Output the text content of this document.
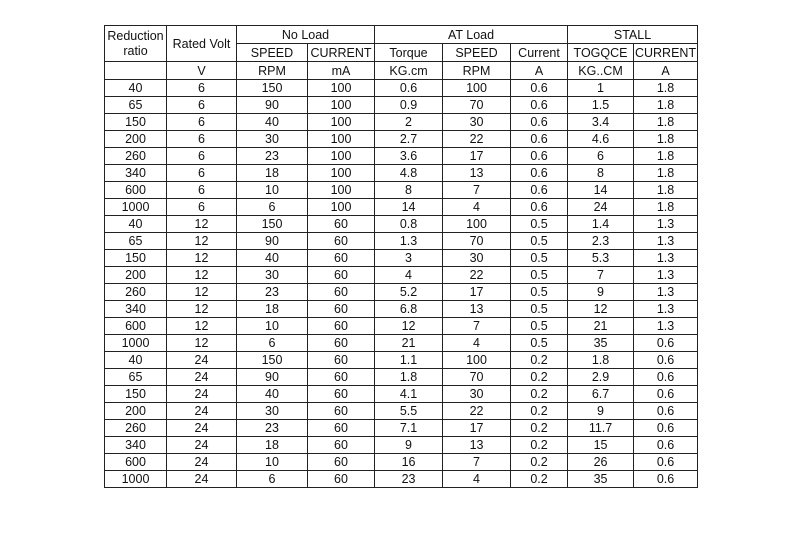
Reduction
ratio	Rated Volt	No Load		AT Load			STALL	
		SPEED	CURRENT	Torque	SPEED	Current	TOGQCE	CURRENT
	V	RPM	mA	KG.cm	RPM	A	KG..CM	A
40	6	150	100	0.6	100	0.6	1	1.8
65	6	90	100	0.9	70	0.6	1.5	1.8
150	6	40	100	2	30	0.6	3.4	1.8
200	6	30	100	2.7	22	0.6	4.6	1.8
260	6	23	100	3.6	17	0.6	6	1.8
340	6	18	100	4.8	13	0.6	8	1.8
600	6	10	100	8	7	0.6	14	1.8
1000	6	6	100	14	4	0.6	24	1.8
40	12	150	60	0.8	100	0.5	1.4	1.3
65	12	90	60	1.3	70	0.5	2.3	1.3
150	12	40	60	3	30	0.5	5.3	1.3
200	12	30	60	4	22	0.5	7	1.3
260	12	23	60	5.2	17	0.5	9	1.3
340	12	18	60	6.8	13	0.5	12	1.3
600	12	10	60	12	7	0.5	21	1.3
1000	12	6	60	21	4	0.5	35	0.6
40	24	150	60	1.1	100	0.2	1.8	0.6
65	24	90	60	1.8	70	0.2	2.9	0.6
150	24	40	60	4.1	30	0.2	6.7	0.6
200	24	30	60	5.5	22	0.2	9	0.6
260	24	23	60	7.1	17	0.2	11.7	0.6
340	24	18	60	9	13	0.2	15	0.6
600	24	10	60	16	7	0.2	26	0.6
1000	24	6	60	23	4	0.2	35	0.6
